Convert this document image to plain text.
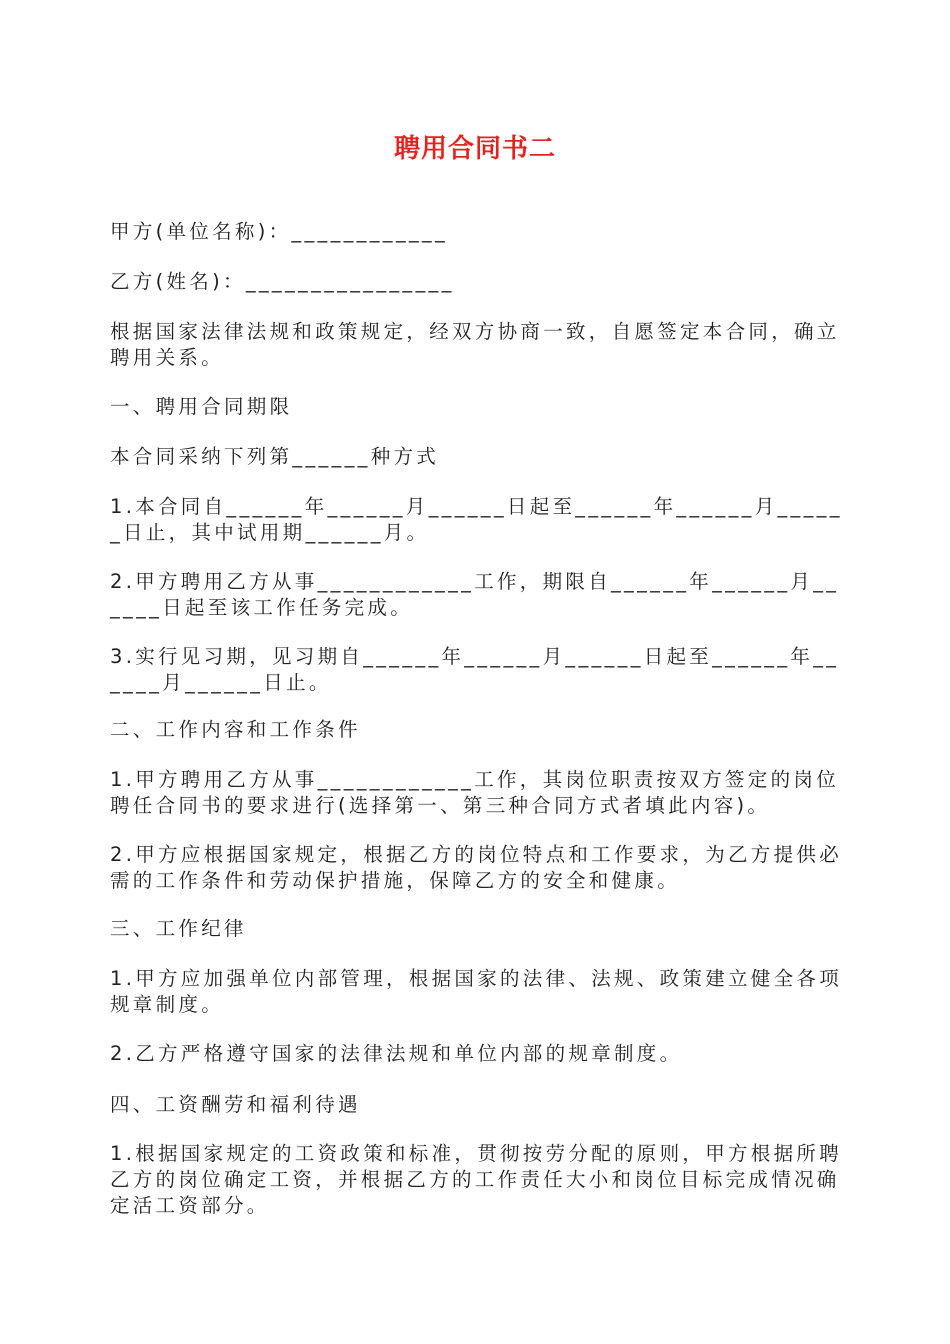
聘用合同书二

甲方(单位名称)：____________

乙方(姓名)：________________

根据国家法律法规和政策规定，经双方协商一致，自愿签定本合同，确立聘用关系。

一、聘用合同期限

本合同采纳下列第______种方式

1.本合同自______年______月______日起至______年______月______日止，其中试用期______月。

2.甲方聘用乙方从事____________工作，期限自______年______月______日起至该工作任务完成。

3.实行见习期，见习期自______年______月______日起至______年______月______日止。

二、工作内容和工作条件

1.甲方聘用乙方从事____________工作，其岗位职责按双方签定的岗位聘任合同书的要求进行(选择第一、第三种合同方式者填此内容)。

2.甲方应根据国家规定，根据乙方的岗位特点和工作要求，为乙方提供必需的工作条件和劳动保护措施，保障乙方的安全和健康。

三、工作纪律

1.甲方应加强单位内部管理，根据国家的法律、法规、政策建立健全各项规章制度。

2.乙方严格遵守国家的法律法规和单位内部的规章制度。

四、工资酬劳和福利待遇

1.根据国家规定的工资政策和标准，贯彻按劳分配的原则，甲方根据所聘乙方的岗位确定工资，并根据乙方的工作责任大小和岗位目标完成情况确定活工资部分。
